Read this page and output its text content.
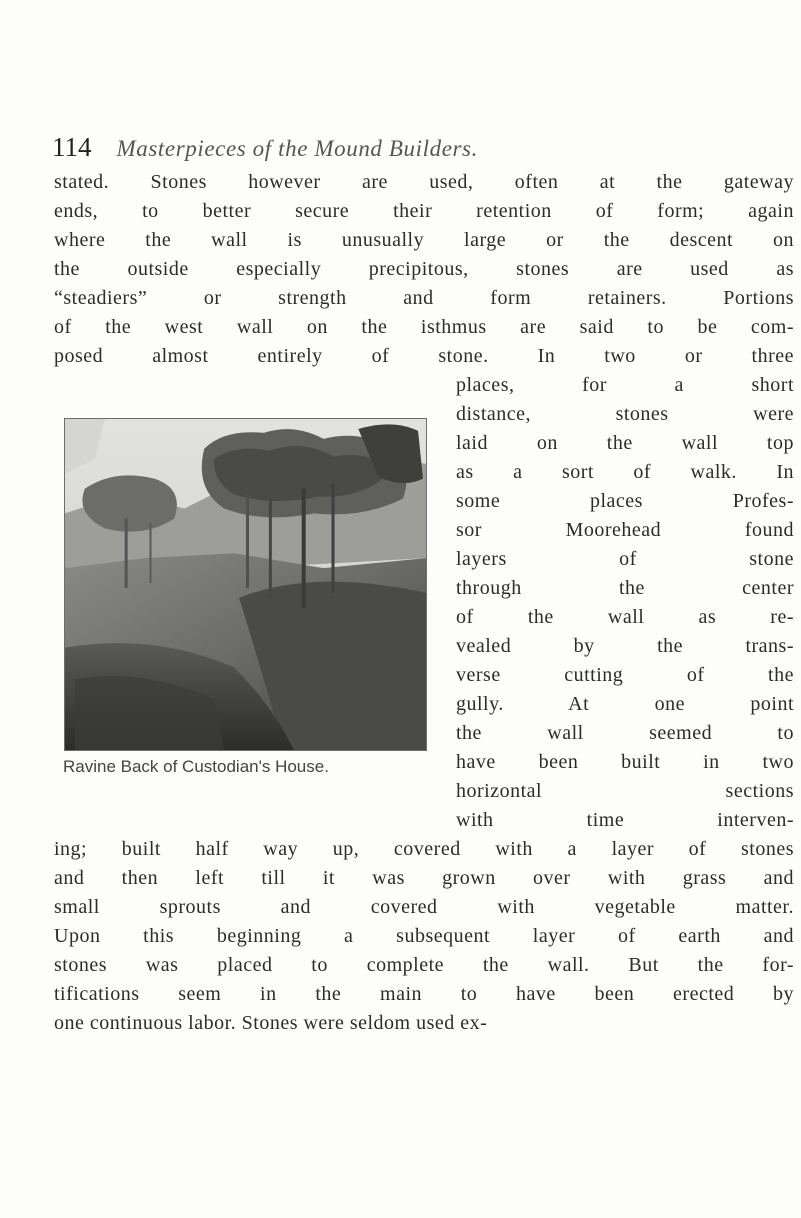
114 Masterpieces of the Mound Builders.
stated. Stones however are used, often at the gateway
ends, to better secure their retention of form; again
where the wall is unusually large or the descent on
the outside especially precipitous, stones are used as
“steadiers” or strength and form retainers. Portions
of the west wall on the isthmus are said to be com-
posed almost entirely of stone. In two or three
places, for a short
distance, stones were
laid on the wall top
as a sort of walk. In
some places Profes-
sor Moorehead found
layers of stone
through the center
of the wall as re-
vealed by the trans-
verse cutting of the
gully. At one point
the wall seemed to
have been built in two
horizontal sections
with time interven-
ing; built half way up, covered with a layer of stones
and then left till it was grown over with grass and
small sprouts and covered with vegetable matter.
Upon this beginning a subsequent layer of earth and
stones was placed to complete the wall. But the for-
tifications seem in the main to have been erected by
one continuous labor. Stones were seldom used ex-
Ravine Back of Custodian's House.
